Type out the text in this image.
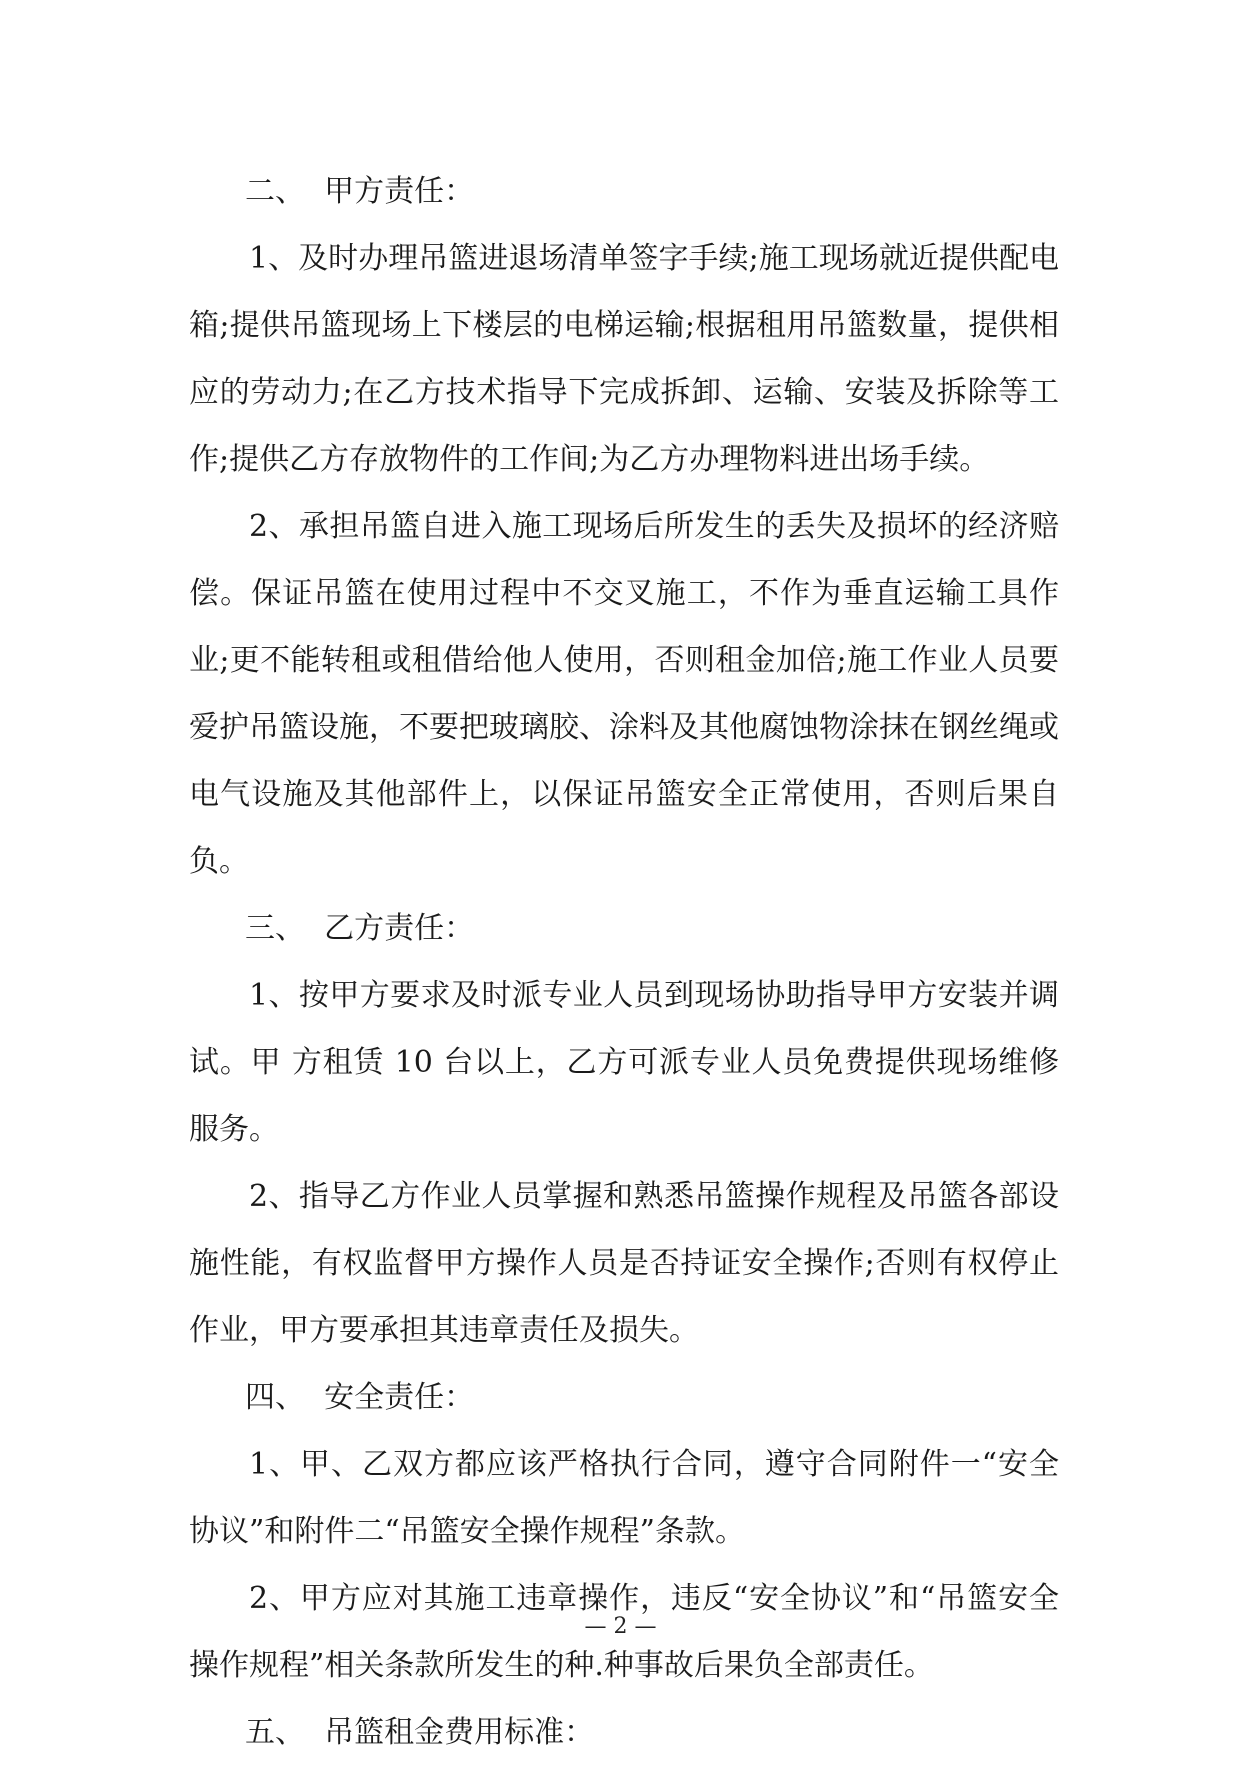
二、  甲方责任：

1、及时办理吊篮进退场清单签字手续;施工现场就近提供配电箱;提供吊篮现场上下楼层的电梯运输;根据租用吊篮数量，提供相应的劳动力;在乙方技术指导下完成拆卸、运输、安装及拆除等工作;提供乙方存放物件的工作间;为乙方办理物料进出场手续。

2、承担吊篮自进入施工现场后所发生的丢失及损坏的经济赔偿。保证吊篮在使用过程中不交叉施工，不作为垂直运输工具作业;更不能转租或租借给他人使用，否则租金加倍;施工作业人员要爱护吊篮设施，不要把玻璃胶、涂料及其他腐蚀物涂抹在钢丝绳或电气设施及其他部件上，以保证吊篮安全正常使用，否则后果自负。

三、  乙方责任：

1、按甲方要求及时派专业人员到现场协助指导甲方安装并调试。甲 方租赁 10 台以上，乙方可派专业人员免费提供现场维修服务。

2、指导乙方作业人员掌握和熟悉吊篮操作规程及吊篮各部设施性能，有权监督甲方操作人员是否持证安全操作;否则有权停止作业，甲方要承担其违章责任及损失。

四、  安全责任：

1、甲、乙双方都应该严格执行合同，遵守合同附件一“安全协议”和附件二“吊篮安全操作规程”条款。

2、甲方应对其施工违章操作，违反“安全协议”和“吊篮安全操作规程”相关条款所发生的种.种事故后果负全部责任。

五、  吊篮租金费用标准：

— 2 —
